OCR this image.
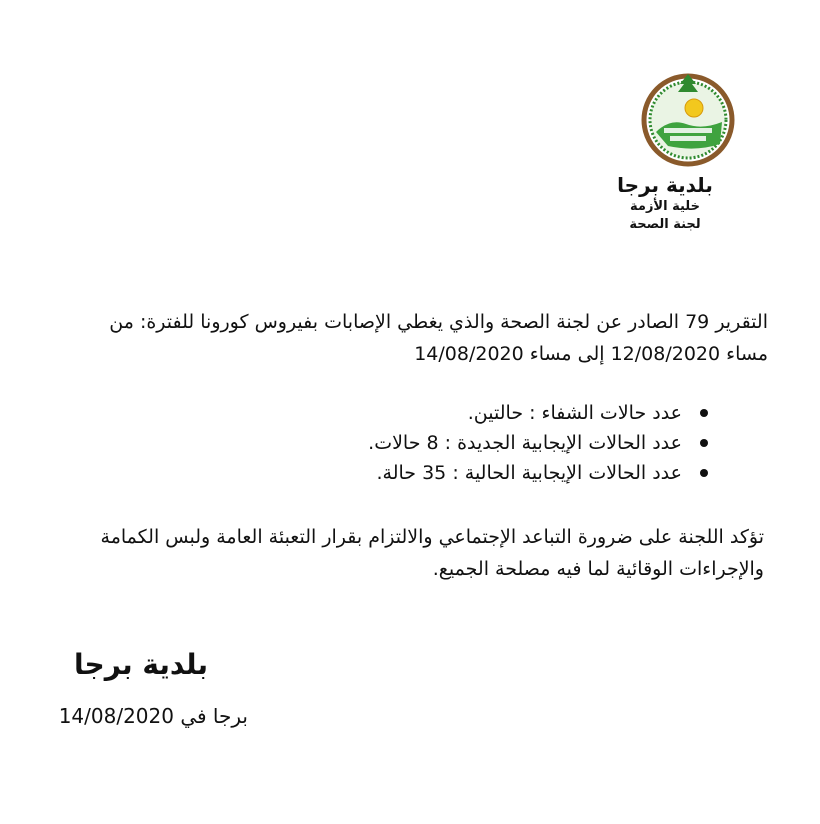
بلدية برجا
خلية الأزمة
لجنة الصحة
التقرير 79 الصادر عن لجنة الصحة والذي يغطي الإصابات بفيروس كورونا للفترة: من
مساء 12/08/2020 إلى مساء 14/08/2020
عدد حالات الشفاء : حالتين.
عدد الحالات الإيجابية الجديدة : 8 حالات.
عدد الحالات الإيجابية الحالية : 35 حالة.
تؤكد اللجنة على ضرورة التباعد الإجتماعي والالتزام بقرار التعبئة العامة ولبس الكمامة
والإجراءات الوقائية لما فيه مصلحة الجميع.
بلدية برجا
برجا في 14/08/2020
